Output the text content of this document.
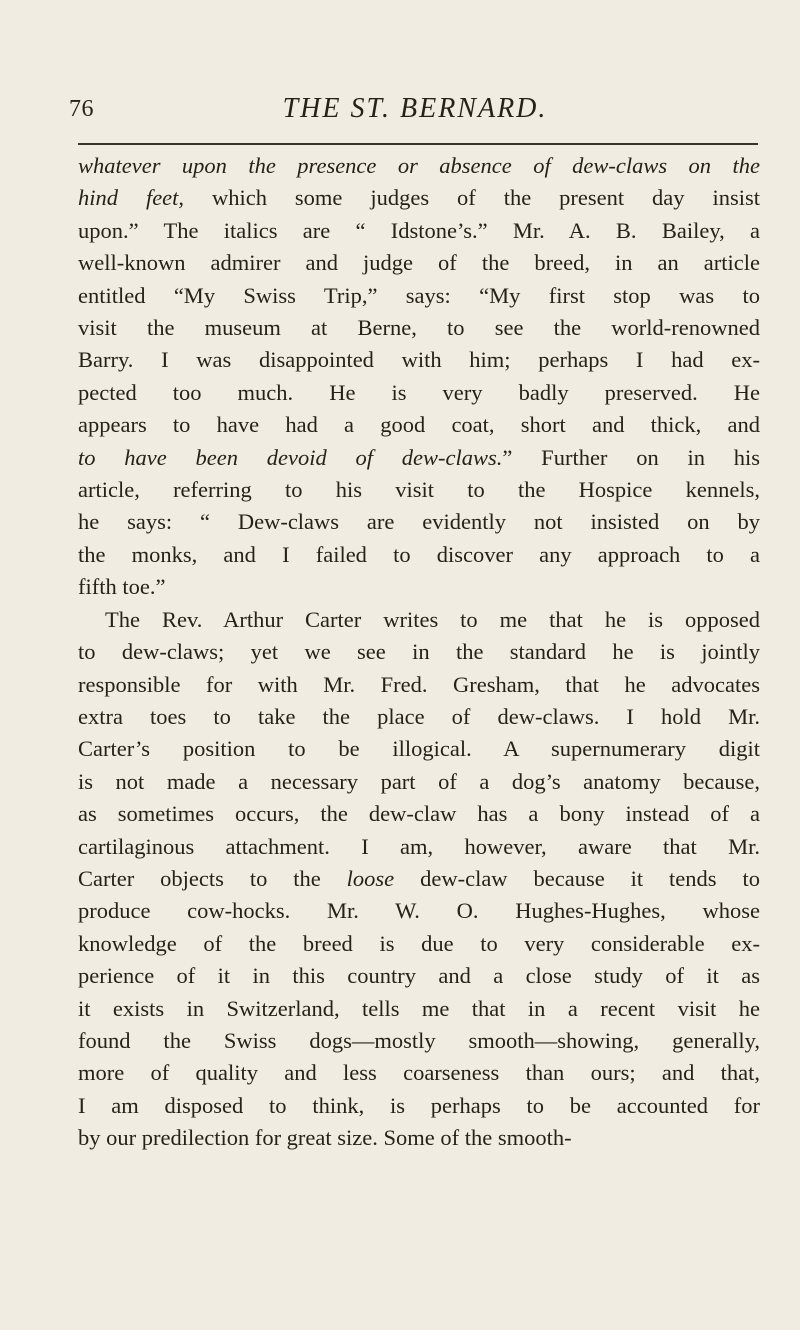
76	THE ST. BERNARD.

whatever upon the presence or absence of dew-claws on the
hind feet, which some judges of the present day insist
upon.” The italics are “ Idstone’s.” Mr. A. B. Bailey, a
well-known admirer and judge of the breed, in an article
entitled “My Swiss Trip,” says: “My first stop was to
visit the museum at Berne, to see the world-renowned
Barry. I was disappointed with him; perhaps I had ex-
pected too much. He is very badly preserved. He
appears to have had a good coat, short and thick, and
to have been devoid of dew-claws.” Further on in his
article, referring to his visit to the Hospice kennels,
he says: “ Dew-claws are evidently not insisted on by
the monks, and I failed to discover any approach to a
fifth toe.”

The Rev. Arthur Carter writes to me that he is opposed
to dew-claws; yet we see in the standard he is jointly
responsible for with Mr. Fred. Gresham, that he advocates
extra toes to take the place of dew-claws. I hold Mr.
Carter’s position to be illogical. A supernumerary digit
is not made a necessary part of a dog’s anatomy because,
as sometimes occurs, the dew-claw has a bony instead of a
cartilaginous attachment. I am, however, aware that Mr.
Carter objects to the loose dew-claw because it tends to
produce cow-hocks. Mr. W. O. Hughes-Hughes, whose
knowledge of the breed is due to very considerable ex-
perience of it in this country and a close study of it as
it exists in Switzerland, tells me that in a recent visit he
found the Swiss dogs—mostly smooth—showing, generally,
more of quality and less coarseness than ours; and that,
I am disposed to think, is perhaps to be accounted for
by our predilection for great size. Some of the smooth-
